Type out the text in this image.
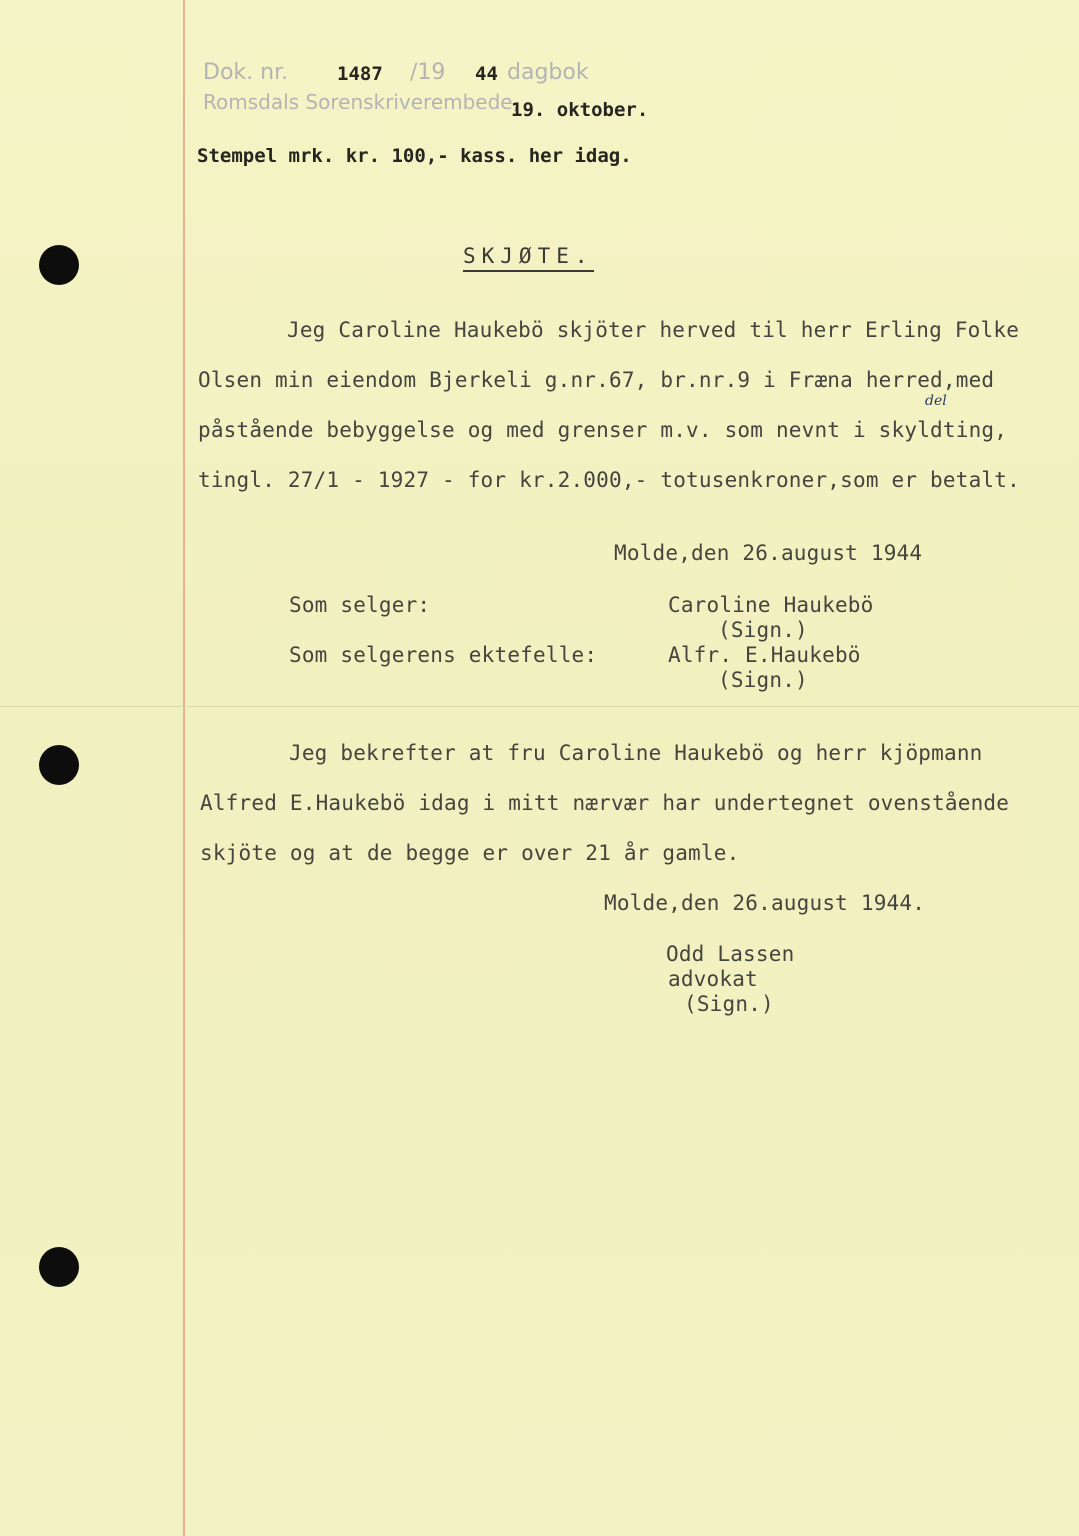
Dok. nr.	1487 /19 44 dagbok
Romsdals Sorenskriverembede,
19. oktober.
Stempel mrk. kr. 100,- kass. her idag.
SKJØTE.
Jeg Caroline Haukebö skjöter herved til herr Erling Folke
Olsen min eiendom Bjerkeli g.nr.67, br.nr.9 i Fræna herred,med
del
påstående bebyggelse og med grenser m.v. som nevnt i skyldting,
tingl. 27/1 - 1927 - for kr.2.000,- totusenkroner,som er betalt.
Molde,den 26.august 1944
Som selger:	Caroline Haukebö
(Sign.)
Som selgerens ektefelle:	Alfr. E.Haukebö
(Sign.)
Jeg bekrefter at fru Caroline Haukebö og herr kjöpmann
Alfred E.Haukebö idag i mitt nærvær har undertegnet ovenstående
skjöte og at de begge er over 21 år gamle.
Molde,den 26.august 1944.
Odd Lassen
advokat
(Sign.)
